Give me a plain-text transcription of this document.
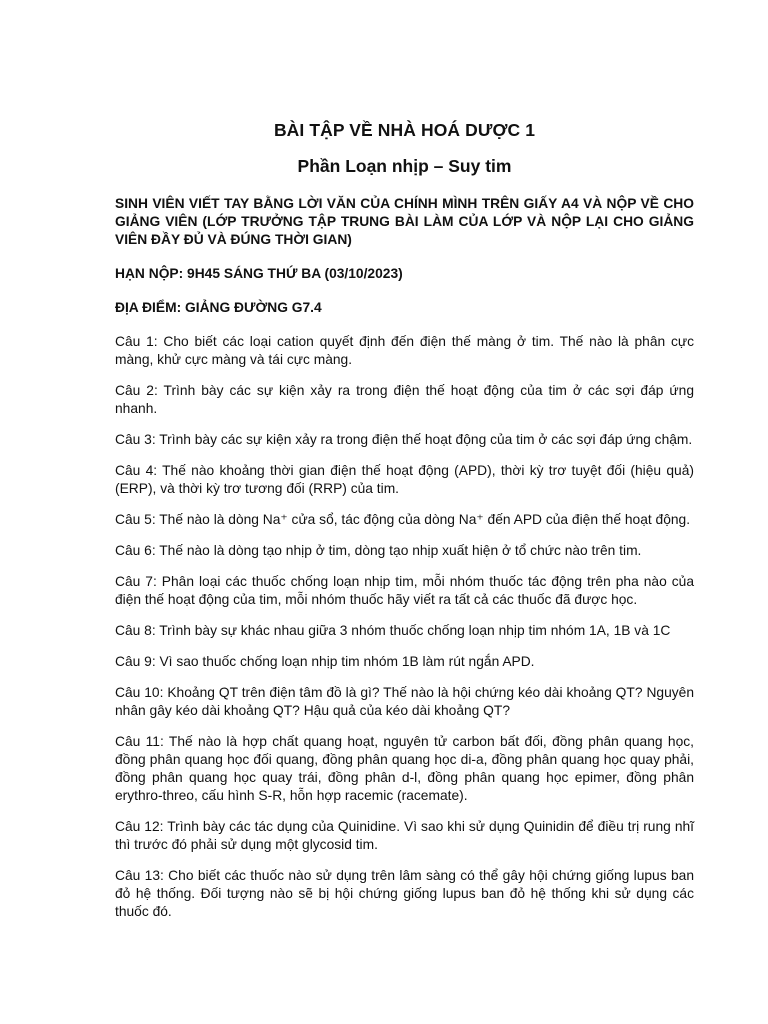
BÀI TẬP VỀ NHÀ HOÁ DƯỢC 1
Phần Loạn nhịp – Suy tim
SINH VIÊN VIẾT TAY BẰNG LỜI VĂN CỦA CHÍNH MÌNH TRÊN GIẤY A4 VÀ NỘP VỀ CHO GIẢNG VIÊN (LỚP TRƯỞNG TẬP TRUNG BÀI LÀM CỦA LỚP VÀ NỘP LẠI CHO GIẢNG VIÊN ĐẦY ĐỦ VÀ ĐÚNG THỜI GIAN)
HẠN NỘP: 9H45 SÁNG THỨ BA (03/10/2023)
ĐỊA ĐIỂM: GIẢNG ĐƯỜNG G7.4

Câu 1: Cho biết các loại cation quyết định đến điện thế màng ở tim. Thế nào là phân cực màng, khử cực màng và tái cực màng.

Câu 2: Trình bày các sự kiện xảy ra trong điện thế hoạt động của tim ở các sợi đáp ứng nhanh.

Câu 3: Trình bày các sự kiện xảy ra trong điện thế hoạt động của tim ở các sợi đáp ứng chậm.

Câu 4: Thế nào khoảng thời gian điện thế hoạt động (APD), thời kỳ trơ tuyệt đối (hiệu quả) (ERP), và thời kỳ trơ tương đối (RRP) của tim.

Câu 5: Thế nào là dòng Na⁺ cửa sổ, tác động của dòng Na⁺ đến APD của điện thế hoạt động.

Câu 6: Thế nào là dòng tạo nhịp ở tim, dòng tạo nhịp xuất hiện ở tổ chức nào trên tim.

Câu 7: Phân loại các thuốc chống loạn nhịp tim, mỗi nhóm thuốc tác động trên pha nào của điện thế hoạt động của tim, mỗi nhóm thuốc hãy viết ra tất cả các thuốc đã được học.

Câu 8: Trình bày sự khác nhau giữa 3 nhóm thuốc chống loạn nhịp tim nhóm 1A, 1B và 1C

Câu 9: Vì sao thuốc chống loạn nhịp tim nhóm 1B làm rút ngắn APD.

Câu 10: Khoảng QT trên điện tâm đồ là gì? Thế nào là hội chứng kéo dài khoảng QT? Nguyên nhân gây kéo dài khoảng QT? Hậu quả của kéo dài khoảng QT?

Câu 11: Thế nào là hợp chất quang hoạt, nguyên tử carbon bất đối, đồng phân quang học, đồng phân quang học đối quang, đồng phân quang học di-a, đồng phân quang học quay phải, đồng phân quang học quay trái, đồng phân d-l, đồng phân quang học epimer, đồng phân erythro-threo, cấu hình S-R, hỗn hợp racemic (racemate).

Câu 12: Trình bày các tác dụng của Quinidine. Vì sao khi sử dụng Quinidin để điều trị rung nhĩ thì trước đó phải sử dụng một glycosid tim.

Câu 13: Cho biết các thuốc nào sử dụng trên lâm sàng có thể gây hội chứng giống lupus ban đỏ hệ thống. Đối tượng nào sẽ bị hội chứng giống lupus ban đỏ hệ thống khi sử dụng các thuốc đó.
